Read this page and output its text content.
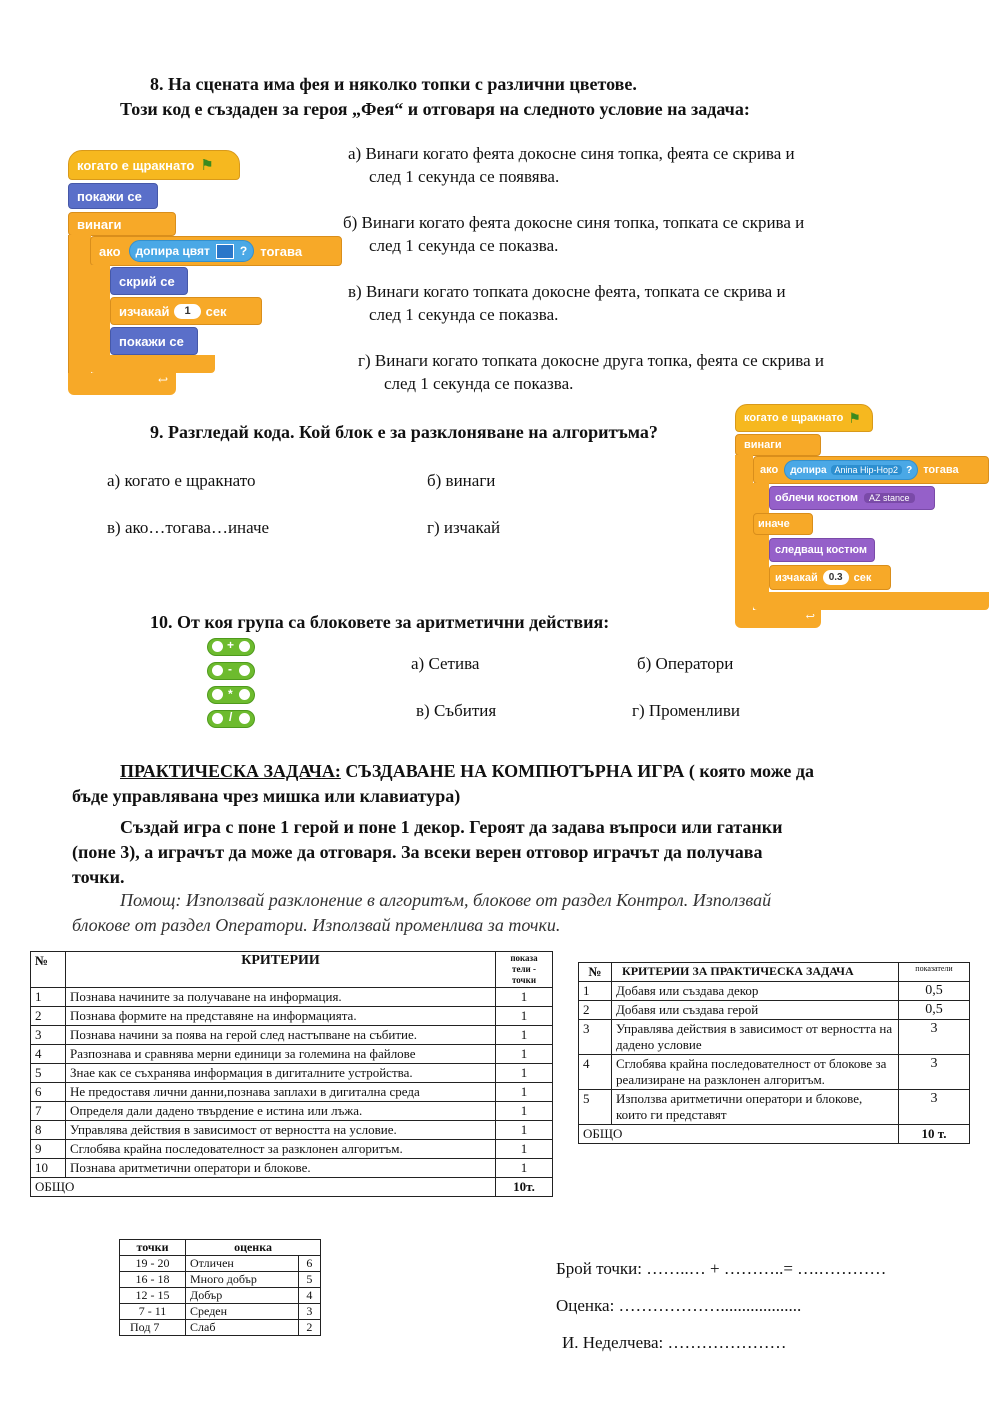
8. На сцената има фея и няколко топки с различни цветове.
Този код е създаден за героя „Фея“ и отговаря на следното условие на задача:
когато е щракнато ⚑
покажи се
винаги
ако допира цвят	? тогава
скрий се
изчакай	1	сек
покажи се
↩
а) Винаги когато феята докосне синя топка, феята се скрива и
след 1 секунда се появява.
б) Винаги когато феята докосне синя топка, топката се скрива и
след 1 секунда се показва.
в) Винаги когато топката докосне феята, топката се скрива и
след 1 секунда се показва.
г) Винаги когато топката докосне друга топка, феята се скрива и
след 1 секунда се показва.
9. Разгледай кода. Кой блок е за разклоняване на алгоритъма?
а) когато е щракнато	б) винаги
в) ако…тогава…иначе	г) изчакай
когато е щракнато ⚑
винаги
ако допира Anina Hip-Hop2 ? тогава
облечи костюм	AZ stance
иначе
следващ костюм
изчакай	0.3	сек
↩
10. От коя група са блоковете за аритметични действия:
+
-
*
/
а) Сетива	б) Оператори
в) Събития	г) Променливи
ПРАКТИЧЕСКА ЗАДАЧА: СЪЗДАВАНЕ НА КОМПЮТЪРНА ИГРА ( която може да
бъде управлявана чрез мишка или клавиатура)
Създай игра с поне 1 герой и поне 1 декор. Героят да задава въпроси или гатанки
(поне 3), а играчът да може да отговаря. За всеки верен отговор играчът да получава
точки.
Помощ: Използвай разклонение в алгоритъм, блокове от раздел Контрол. Използвай
блокове от раздел Оператори. Използвай променлива за точки.
№	КРИТЕРИИ	показа тели - точки
1	Познава начините за получаване на информация.	1
2	Познава формите на представяне на информацията.	1
3	Познава начини за поява на герой след настъпване на събитие.	1
4	Разпознава и сравнява мерни единици за големина на файлове	1
5	Знае как се съхранява информация в дигиталните устройства.	1
6	Не предоставя лични данни,познава заплахи в дигитална среда	1
7	Определя дали дадено твърдение е истина или лъжа.	1
8	Управлява действия в зависимост от верността на условие.	1
9	Сглобява крайна последователност за разклонен алгоритъм.	1
10	Познава аритметични оператори и блокове.	1
ОБЩО		10т.
№	КРИТЕРИИ ЗА ПРАКТИЧЕСКА ЗАДАЧА	показатели
1	Добавя или създава декор	0,5
2	Добавя или създава герой	0,5
3	Управлява действия в зависимост от верността на дадено условие	3
4	Сглобява крайна последователност от блокове за реализиране на разклонен алгоритъм.	3
5	Използва аритметични оператори и блокове, които ги представят	3
ОБЩО		10 т.
точки	оценка	
19 - 20	Отличен	6
16 - 18	Много добър	5
12 - 15	Добър	4
7 - 11	Среден	3
Под 7	Слаб	2
Брой точки: ……..… + ………..= ….…………
Оценка: ………………...................
И. Неделчева: …………………
